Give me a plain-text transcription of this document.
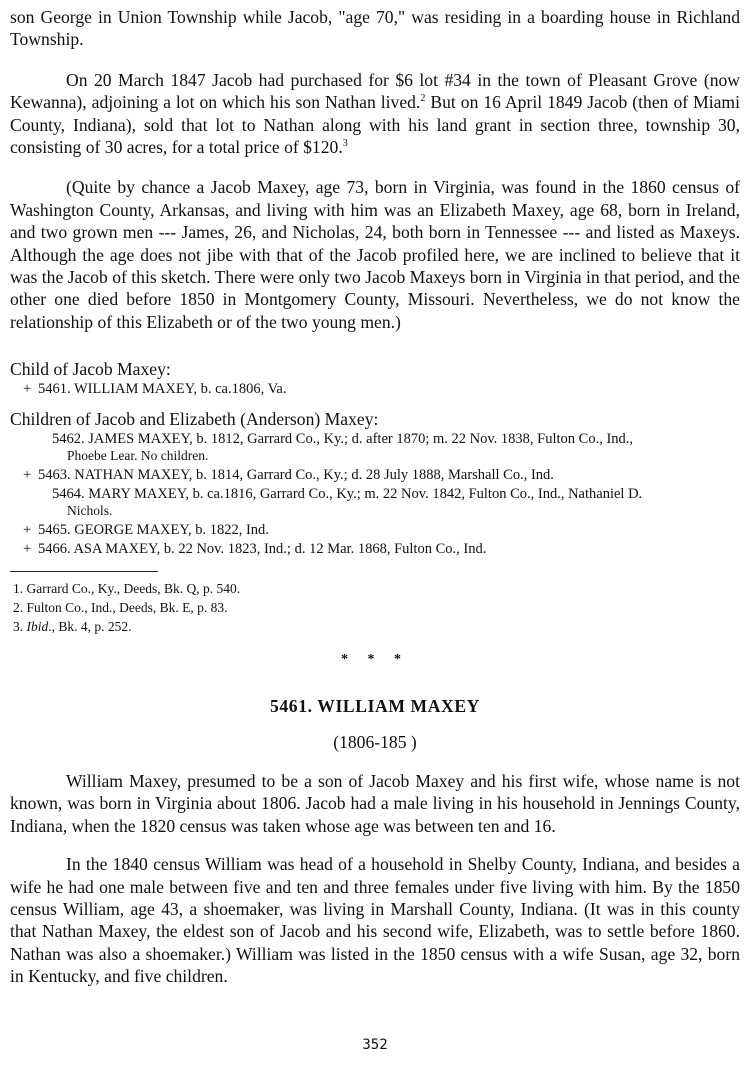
son George in Union Township while Jacob, "age 70," was residing in a boarding house in Richland Township.

On 20 March 1847 Jacob had purchased for $6 lot #34 in the town of Pleasant Grove (now Kewanna), adjoining a lot on which his son Nathan lived.$^2$ But on 16 April 1849 Jacob (then of Miami County, Indiana), sold that lot to Nathan along with his land grant in section three, township 30, consisting of 30 acres, for a total price of $120.$^3$

(Quite by chance a Jacob Maxey, age 73, born in Virginia, was found in the 1860 census of Washington County, Arkansas, and living with him was an Elizabeth Maxey, age 68, born in Ireland, and two grown men --- James, 26, and Nicholas, 24, both born in Tennessee --- and listed as Maxeys. Although the age does not jibe with that of the Jacob profiled here, we are inclined to believe that it was the Jacob of this sketch. There were only two Jacob Maxeys born in Virginia in that period, and the other one died before 1850 in Montgomery County, Missouri. Nevertheless, we do not know the relationship of this Elizabeth or of the two young men.)

Child of Jacob Maxey:
+ 5461. WILLIAM MAXEY, b. ca.1806, Va.
Children of Jacob and Elizabeth (Anderson) Maxey:
5462. JAMES MAXEY, b. 1812, Garrard Co., Ky.; d. after 1870; m. 22 Nov. 1838, Fulton Co., Ind.,
Phoebe Lear. No children.
+ 5463. NATHAN MAXEY, b. 1814, Garrard Co., Ky.; d. 28 July 1888, Marshall Co., Ind.
5464. MARY MAXEY, b. ca.1816, Garrard Co., Ky.; m. 22 Nov. 1842, Fulton Co., Ind., Nathaniel D.
Nichols.
+ 5465. GEORGE MAXEY, b. 1822, Ind.
+ 5466. ASA MAXEY, b. 22 Nov. 1823, Ind.; d. 12 Mar. 1868, Fulton Co., Ind.
1. Garrard Co., Ky., Deeds, Bk. Q, p. 540.
2. Fulton Co., Ind., Deeds, Bk. E, p. 83.
3. Ibid., Bk. 4, p. 252.
* * *
5461. WILLIAM MAXEY
(1806-185 )

William Maxey, presumed to be a son of Jacob Maxey and his first wife, whose name is not known, was born in Virginia about 1806. Jacob had a male living in his household in Jennings County, Indiana, when the 1820 census was taken whose age was between ten and 16.

In the 1840 census William was head of a household in Shelby County, Indiana, and besides a wife he had one male between five and ten and three females under five living with him. By the 1850 census William, age 43, a shoemaker, was living in Marshall County, Indiana. (It was in this county that Nathan Maxey, the eldest son of Jacob and his second wife, Elizabeth, was to settle before 1860. Nathan was also a shoemaker.) William was listed in the 1850 census with a wife Susan, age 32, born in Kentucky, and five children.

352
